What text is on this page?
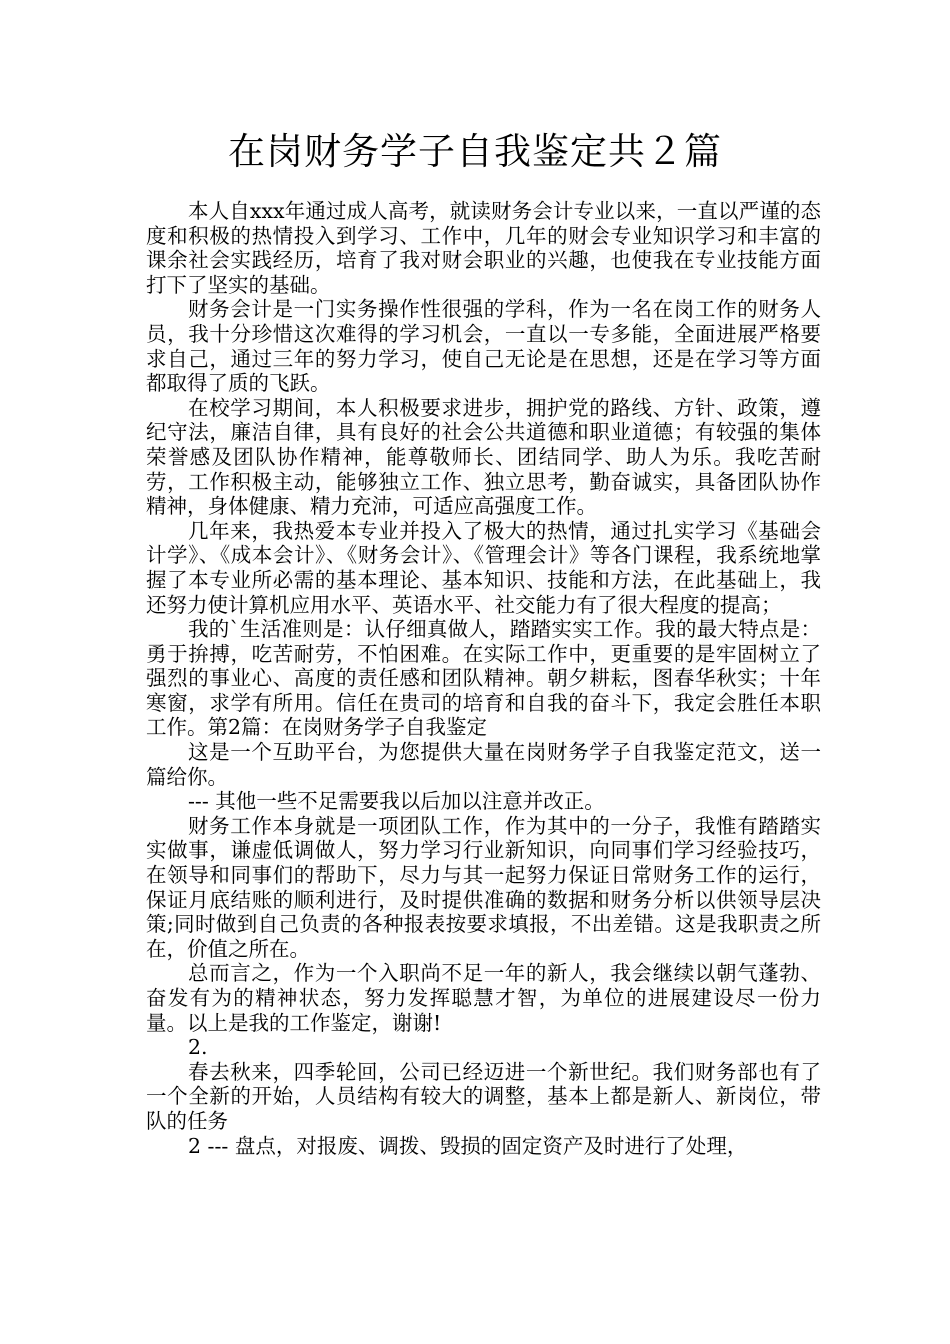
在岗财务学子自我鉴定共２篇

本人自xxx年通过成人高考，就读财务会计专业以来，一直以严谨的态度和积极的热情投入到学习、工作中，几年的财会专业知识学习和丰富的课余社会实践经历，培育了我对财会职业的兴趣，也使我在专业技能方面打下了坚实的基础。

财务会计是一门实务操作性很强的学科，作为一名在岗工作的财务人员，我十分珍惜这次难得的学习机会，一直以一专多能，全面进展严格要求自己，通过三年的努力学习，使自己无论是在思想，还是在学习等方面都取得了质的飞跃。

在校学习期间，本人积极要求进步，拥护党的路线、方针、政策，遵纪守法，廉洁自律，具有良好的社会公共道德和职业道德；有较强的集体荣誉感及团队协作精神，能尊敬师长、团结同学、助人为乐。我吃苦耐劳，工作积极主动，能够独立工作、独立思考，勤奋诚实，具备团队协作精神，身体健康、精力充沛，可适应高强度工作。

几年来，我热爱本专业并投入了极大的热情，通过扎实学习《基础会计学》、《成本会计》、《财务会计》、《管理会计》等各门课程，我系统地掌握了本专业所必需的基本理论、基本知识、技能和方法，在此基础上，我还努力使计算机应用水平、英语水平、社交能力有了很大程度的提高；

我的`生活准则是：认仔细真做人，踏踏实实工作。我的最大特点是：勇于拚搏，吃苦耐劳，不怕困难。在实际工作中，更重要的是牢固树立了强烈的事业心、高度的责任感和团队精神。朝夕耕耘，图春华秋实；十年寒窗，求学有所用。信任在贵司的培育和自我的奋斗下，我定会胜任本职工作。第2篇：在岗财务学子自我鉴定

这是一个互助平台，为您提供大量在岗财务学子自我鉴定范文，送一篇给你。

--- 其他一些不足需要我以后加以注意并改正。

财务工作本身就是一项团队工作，作为其中的一分子，我惟有踏踏实实做事，谦虚低调做人，努力学习行业新知识，向同事们学习经验技巧，在领导和同事们的帮助下，尽力与其一起努力保证日常财务工作的运行，保证月底结账的顺利进行，及时提供准确的数据和财务分析以供领导层决策;同时做到自己负责的各种报表按要求填报，不出差错。这是我职责之所在，价值之所在。

总而言之，作为一个入职尚不足一年的新人，我会继续以朝气蓬勃、奋发有为的精神状态，努力发挥聪慧才智，为单位的进展建设尽一份力量。以上是我的工作鉴定，谢谢!

2.

春去秋来，四季轮回，公司已经迈进一个新世纪。我们财务部也有了一个全新的开始，人员结构有较大的调整，基本上都是新人、新岗位，带队的任务

2 --- 盘点，对报废、调拨、毁损的固定资产及时进行了处理，
